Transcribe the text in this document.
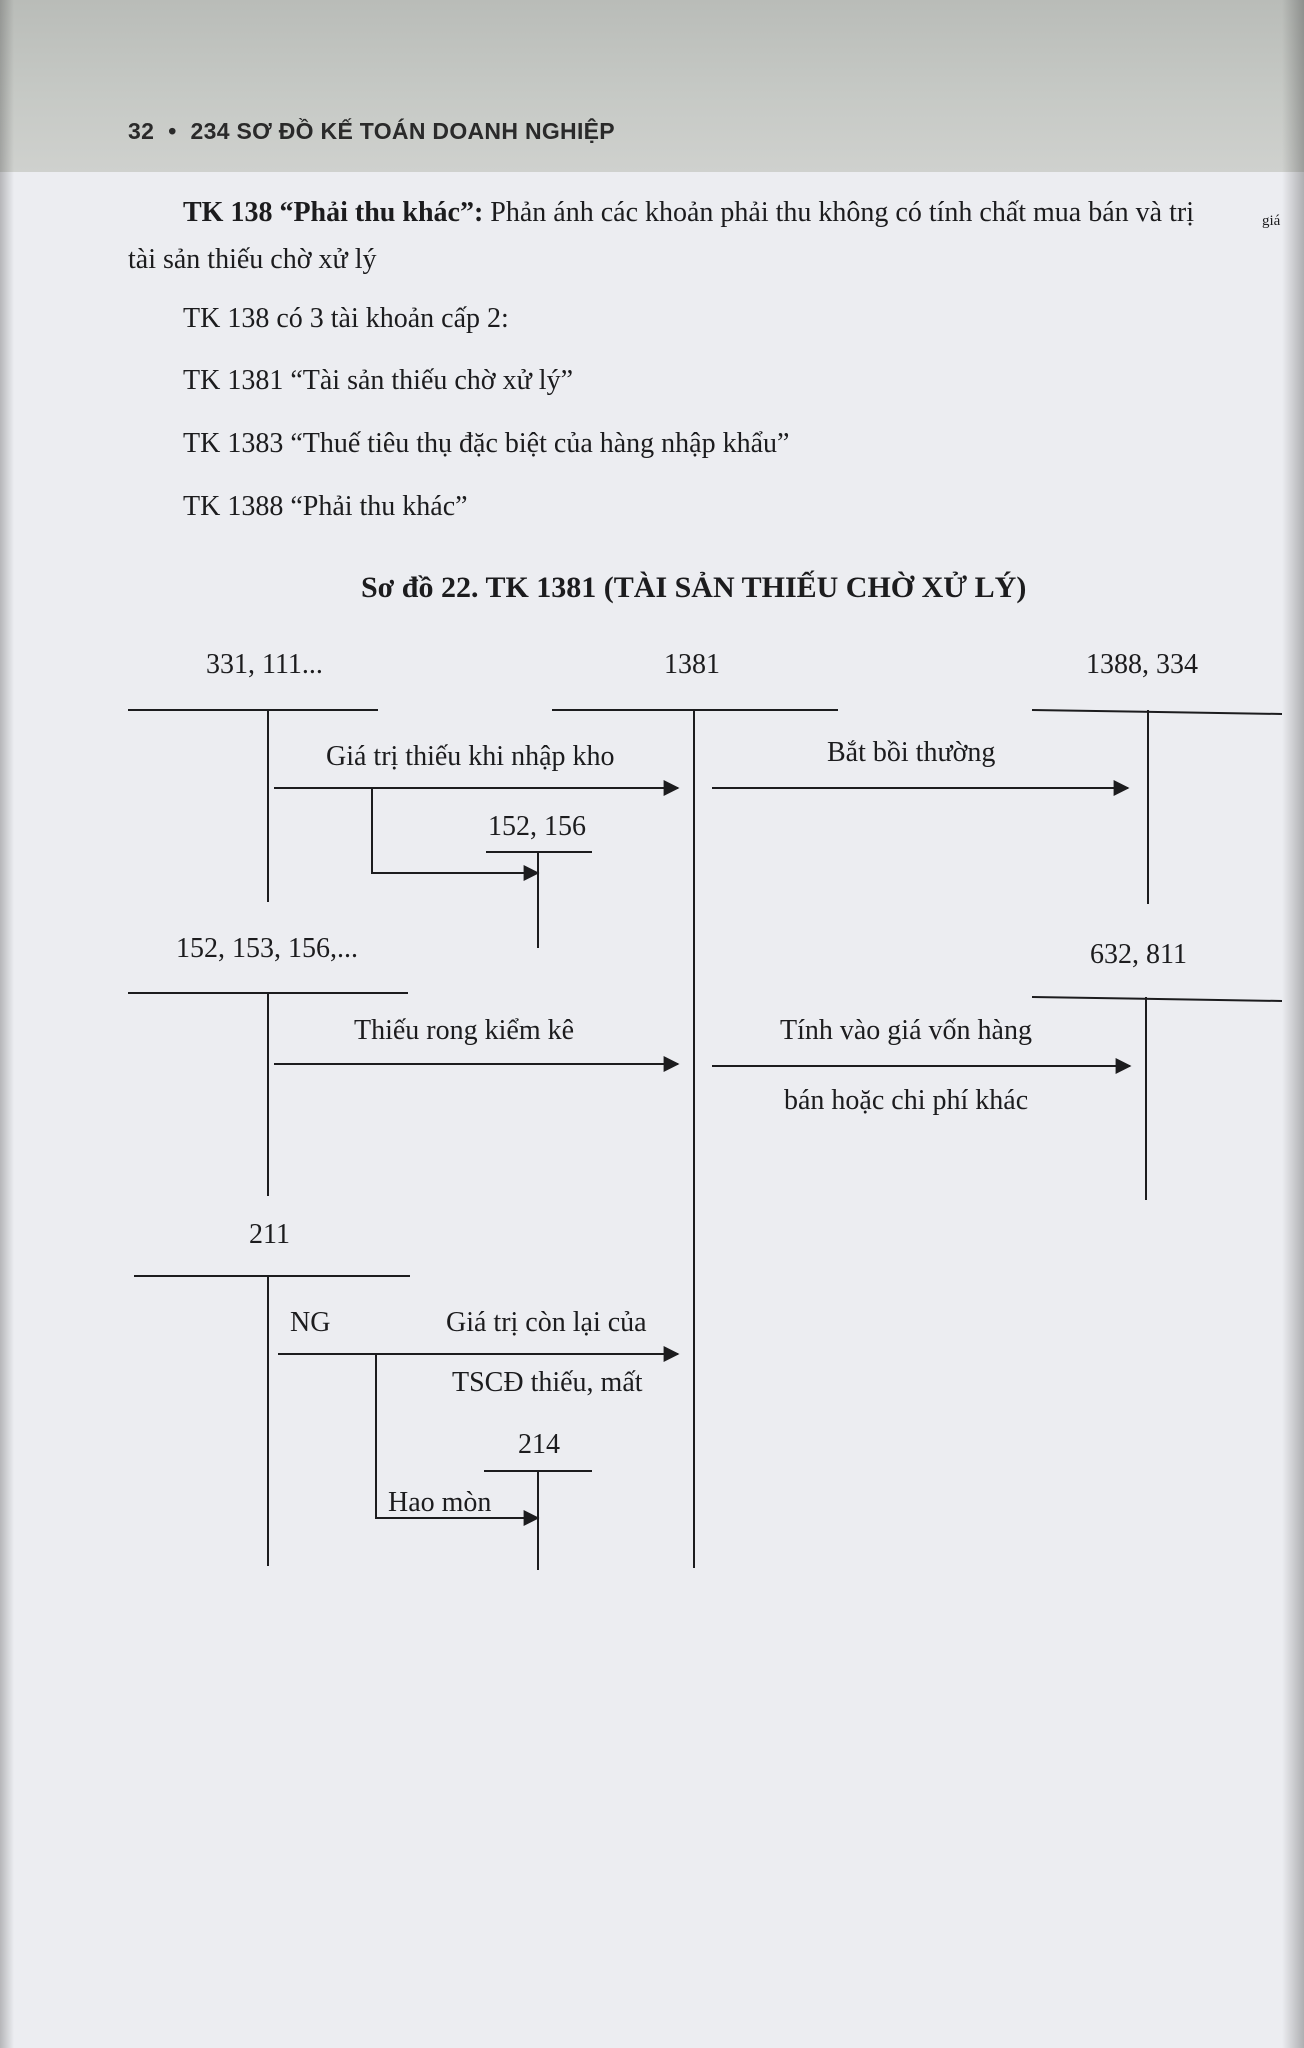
32 • 234 SƠ ĐỒ KẾ TOÁN DOANH NGHIỆP
TK 138 “Phải thu khác”: Phản ánh các khoản phải thu không có tính chất mua bán và trị	giá
tài sản thiếu chờ xử lý
TK 138 có 3 tài khoản cấp 2:
TK 1381 “Tài sản thiếu chờ xử lý”
TK 1383 “Thuế tiêu thụ đặc biệt của hàng nhập khẩu”
TK 1388 “Phải thu khác”
Sơ đồ 22. TK 1381 (TÀI SẢN THIẾU CHỜ XỬ LÝ)
331, 111...	1381	1388, 334
152, 156
152, 153, 156,...	632, 811
211
214
Giá trị thiếu khi nhập kho	Bắt bồi thường
Thiếu rong kiểm kê	Tính vào giá vốn hàng
bán hoặc chi phí khác
NG	Giá trị còn lại của
TSCĐ thiếu, mất
Hao mòn
